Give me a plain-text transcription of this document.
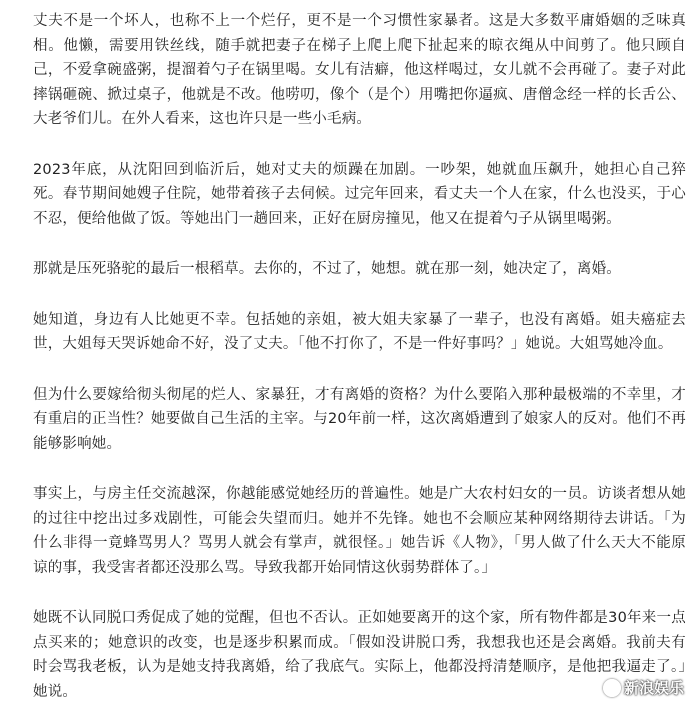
丈夫不是一个坏人，也称不上一个烂仔，更不是一个习惯性家暴者。这是大多数平庸婚姻的乏味真相。他懒，需要用铁丝线，随手就把妻子在梯子上爬上爬下扯起来的晾衣绳从中间剪了。他只顾自己，不爱拿碗盛粥，提溜着勺子在锅里喝。女儿有洁癖，他这样喝过，女儿就不会再碰了。妻子对此摔锅砸碗、掀过桌子，他就是不改。他唠叨，像个（是个）用嘴把你逼疯、唐僧念经一样的长舌公、大老爷们儿。在外人看来，这也许只是一些小毛病。

2023年底，从沈阳回到临沂后，她对丈夫的烦躁在加剧。一吵架，她就血压飙升，她担心自己猝死。春节期间她嫂子住院，她带着孩子去伺候。过完年回来，看丈夫一个人在家，什么也没买，于心不忍，便给他做了饭。等她出门一趟回来，正好在厨房撞见，他又在提着勺子从锅里喝粥。

那就是压死骆驼的最后一根稻草。去你的，不过了，她想。就在那一刻，她决定了，离婚。

她知道，身边有人比她更不幸。包括她的亲姐，被大姐夫家暴了一辈子，也没有离婚。姐夫癌症去世，大姐每天哭诉她命不好，没了丈夫。「他不打你了，不是一件好事吗？」她说。大姐骂她冷血。

但为什么要嫁给彻头彻尾的烂人、家暴狂，才有离婚的资格？为什么要陷入那种最极端的不幸里，才有重启的正当性？她要做自己生活的主宰。与20年前一样，这次离婚遭到了娘家人的反对。他们不再能够影响她。

事实上，与房主任交流越深，你越能感觉她经历的普遍性。她是广大农村妇女的一员。访谈者想从她的过往中挖出过多戏剧性，可能会失望而归。她并不先锋。她也不会顺应某种网络期待去讲话。「为什么非得一竟蜂骂男人？骂男人就会有掌声，就很怪。」她告诉《人物》，「男人做了什么天大不能原谅的事，我受害者都还没那么骂。导致我都开始同情这伙弱势群体了。」

她既不认同脱口秀促成了她的觉醒，但也不否认。正如她要离开的这个家，所有物件都是30年来一点点买来的；她意识的改变，也是逐步积累而成。「假如没讲脱口秀，我想我也还是会离婚。我前夫有时会骂我老板，认为是她支持我离婚，给了我底气。实际上，他都没捋清楚顺序，是他把我逼走了。」她说。	新浪娱乐
